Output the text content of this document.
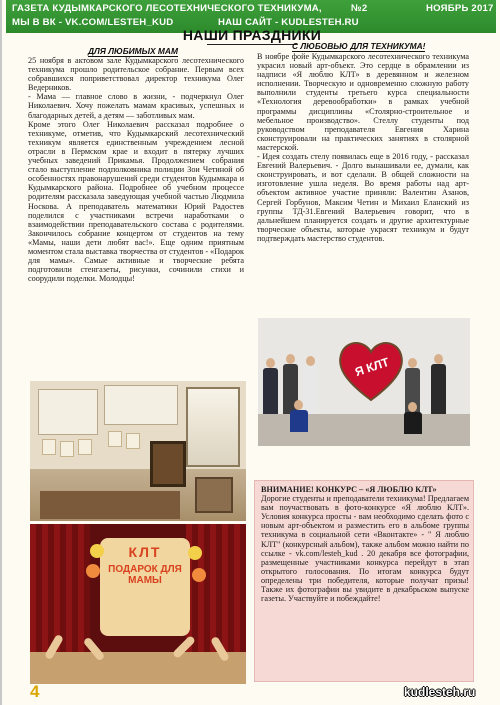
ГАЗЕТА КУДЫМКАРСКОГО ЛЕСОТЕХНИЧЕСКОГО ТЕХНИКУМА,	№2	НОЯБРЬ 2017
МЫ В ВК - VK.COM/LESTEH_KUD	НАШ САЙТ - KUDLESTEH.RU
НАШИ ПРАЗДНИКИ
ДЛЯ ЛЮБИМЫХ МАМ	С ЛЮБОВЬЮ ДЛЯ ТЕХНИКУМА!

25 ноября в актовом зале Кудымкарского лесотехнического техникума прошло родительское собрание. Первым всех собравшихся поприветствовал директор техникума Олег Ведерников.

- Мама — главное слово в жизни, - подчеркнул Олег Николаевич. Хочу пожелать мамам красивых, успешных и благодарных детей, а детям — заботливых мам.

Кроме этого Олег Николаевич рассказал подробнее о техникуме, отметив, что Кудымкарский лесотехнический техникум является единственным учреждением лесной отрасли в Пермском крае и входит в пятерку лучших учебных заведений Прикамья. Продолжением собрания стало выступление подполковника полиции Зои Четиной об особенностях правонарушений среди студентов Кудымкара и Кудымкарского района. Подробнее об учебном процессе родителям рассказала заведующая учебной частью Людмила Носкова. А преподаватель математики Юрий Радостев поделился с участниками встречи наработками о взаимодействии преподавательского состава с родителями. Закончилось собрание концертом от студентов на тему «Мамы, наши дети любят вас!». Еще одним приятным моментом стала выставка творчества от студентов - «Подарок для мамы». Самые активные и творческие ребята подготовили стенгазеты, рисунки, сочинили стихи и соорудили поделки. Молодцы!

В ноябре фойе Кудымкарского лесотехнического техникума украсил новый арт-объект. Это сердце в обрамлении из надписи «Я люблю КЛТ» в деревянном и железном исполнении. Творческую и одновременно сложную работу выполнили студенты третьего курса специальности «Технология деревообработки» в рамках учебной программы дисциплины «Столярно-строительное и мебельное производство». Стеллу студенты под руководством преподавателя Евгения Харина сконструировали на практических занятиях в столярной мастерской.

- Идея создать стелу появилась еще в 2016 году, - рассказал Евгений Валерьевич. - Долго вынашивали ее, думали, как сконструировать, и вот сделали. В общей сложности на изготовление ушла неделя. Во время работы над арт-объектом активное участие приняли: Валентин Азанов, Сергей Горбунов, Максим Четин и Михаил Еланский из группы ТД-31.Евгений Валерьевич говорит, что в дальнейшем планируется создать и другие архитектурные творческие объекты, которые украсят техникум и будут подтверждать мастерство студентов.

КЛТ
ПОДАРОК ДЛЯ МАМЫ
Я КЛТ
ВНИМАНИЕ! КОНКУРС – «Я ЛЮБЛЮ КЛТ»
Дорогие студенты и преподаватели техникума! Предлагаем вам поучаствовать в фото-конкурсе «Я люблю КЛТ». Условия конкурса просты - вам необходимо сделать фото с новым арт-объектом и разместить его в альбоме группы техникума в социальной сети «Вконтакте» - " Я люблю КЛТ" (конкурсный альбом), также альбом можно найти по ссылке - vk.com/lesteh_kud . 20 декабря все фотографии, размещенные участниками конкурса перейдут в этап открытого голосования. По итогам конкурса будут определены три победителя, которые получат призы! Также их фотографии вы увидите в декабрьском выпуске газеты. Участвуйте и побеждайте!
4	kudlesteh.ru
